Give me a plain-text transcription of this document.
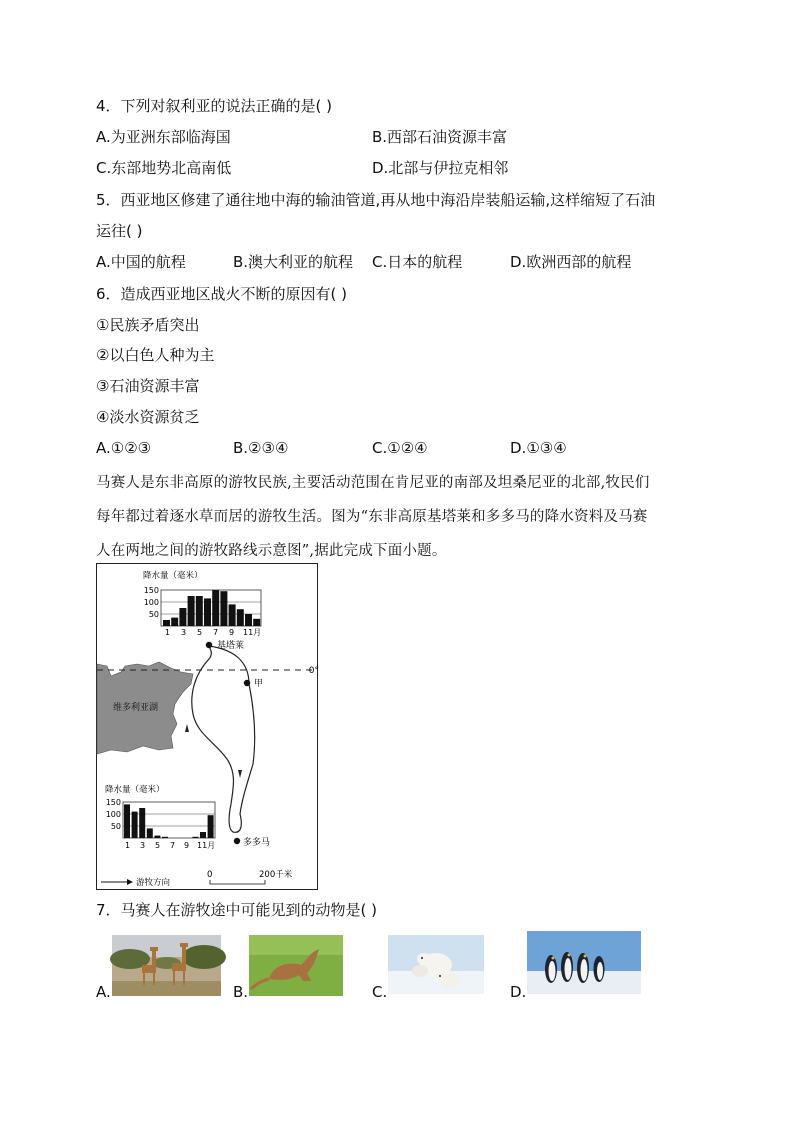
4．下列对叙利亚的说法正确的是( )
A.为亚洲东部临海国	B.西部石油资源丰富
C.东部地势北高南低	D.北部与伊拉克相邻
5．西亚地区修建了通往地中海的输油管道,再从地中海沿岸装船运输,这样缩短了石油
运往( )
A.中国的航程	B.澳大利亚的航程 C.日本的航程	D.欧洲西部的航程
6．造成西亚地区战火不断的原因有( )
①民族矛盾突出
②以白色人种为主
③石油资源丰富
④淡水资源贫乏
A.①②③	B.②③④	C.①②④	D.①③④
马赛人是东非高原的游牧民族,主要活动范围在肯尼亚的南部及坦桑尼亚的北部,牧民们
每年都过着逐水草而居的游牧生活。图为“东非高原基塔莱和多多马的降水资料及马赛
人在两地之间的游牧路线示意图”,据此完成下面小题。
降水量（毫米）
150
100
50
1 3 5 7 9 11月
降水量（毫米）
150
100
50
1 3 5 7 9 11月
基塔莱
甲
0°
维多利亚湖
多多马
游牧方向
0	200千米
7．马赛人在游牧途中可能见到的动物是( )
A.	B.	C.	D.
